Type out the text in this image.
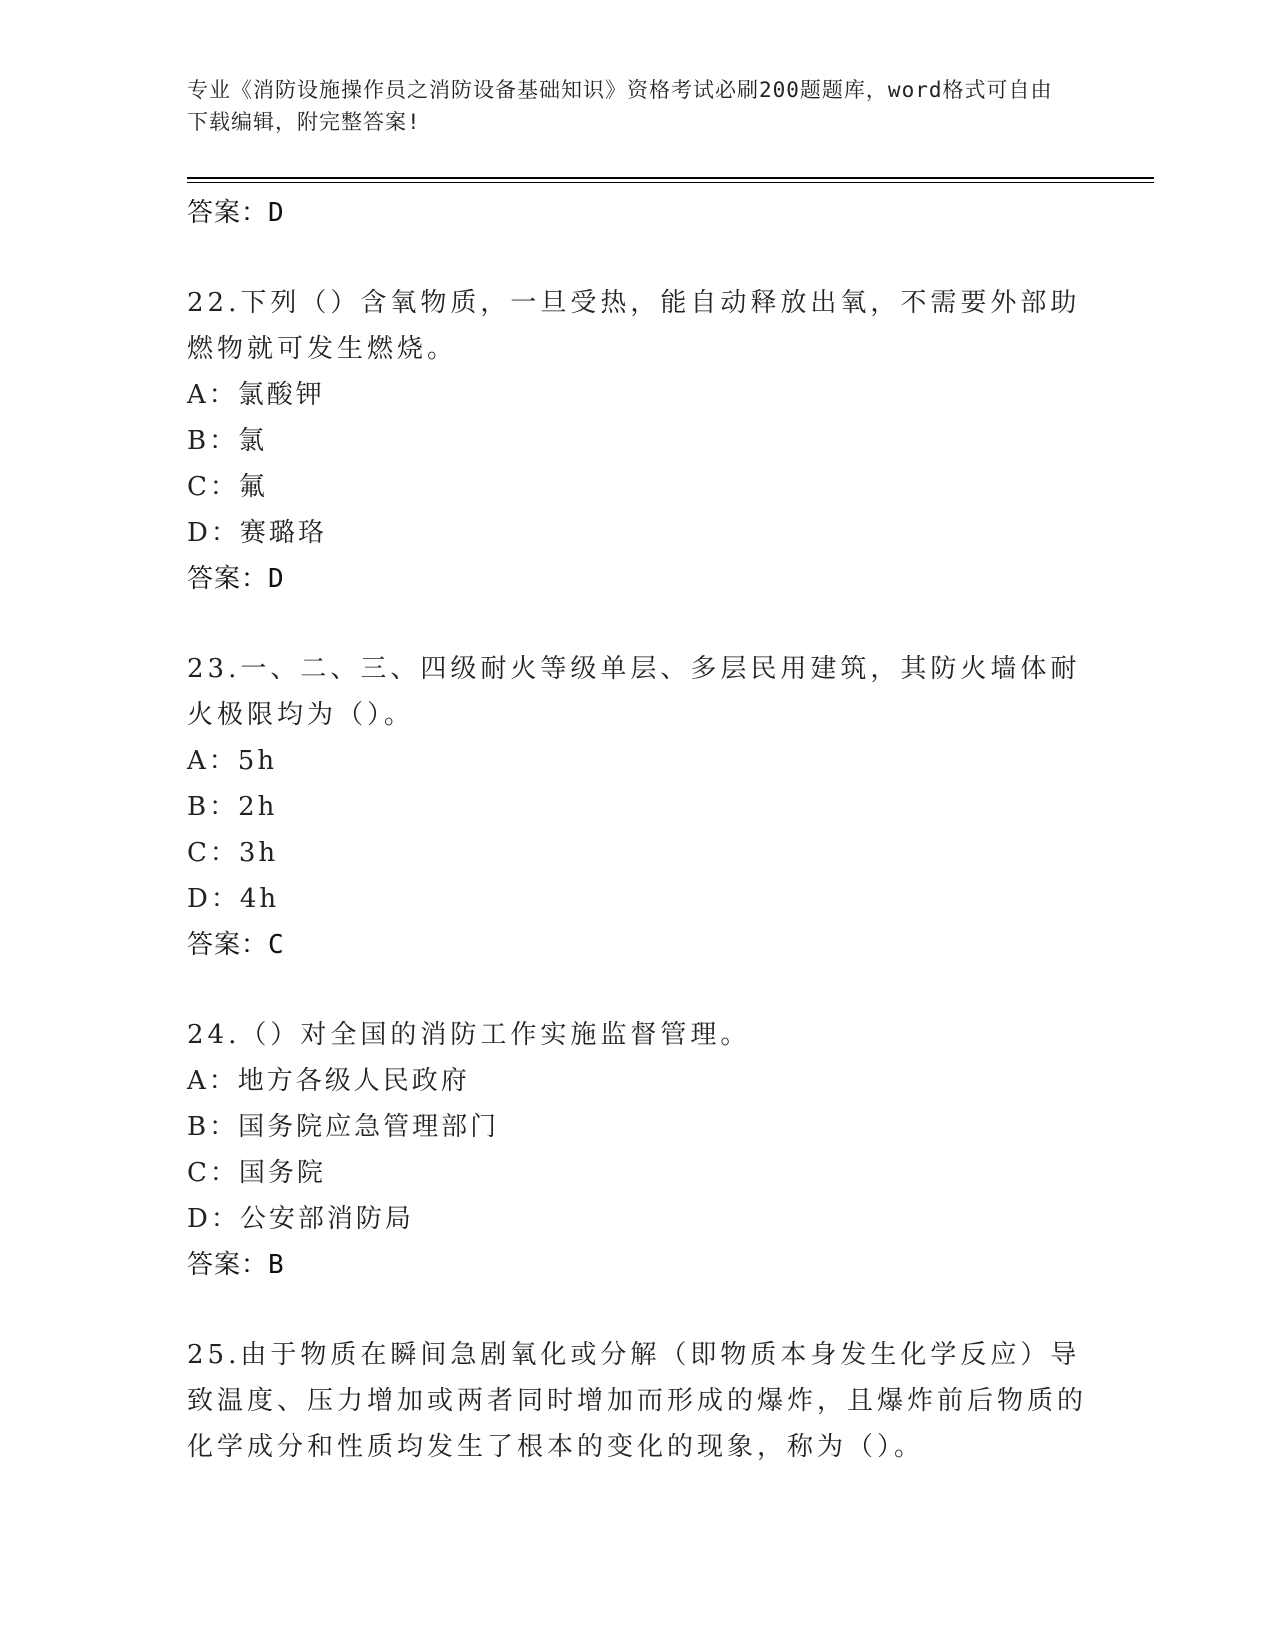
专业《消防设施操作员之消防设备基础知识》资格考试必刷200题题库，word格式可自由下载编辑，附完整答案!

答案：D

22.下列（）含氧物质，一旦受热，能自动释放出氧，不需要外部助燃物就可发生燃烧。

A：氯酸钾

B：氯

C：氟

D：赛璐珞

答案：D

23.一、二、三、四级耐火等级单层、多层民用建筑，其防火墙体耐火极限均为（）。

A：5h

B：2h

C：3h

D：4h

答案：C

24.（）对全国的消防工作实施监督管理。

A：地方各级人民政府

B：国务院应急管理部门

C：国务院

D：公安部消防局

答案：B

25.由于物质在瞬间急剧氧化或分解（即物质本身发生化学反应）导致温度、压力增加或两者同时增加而形成的爆炸，且爆炸前后物质的化学成分和性质均发生了根本的变化的现象，称为（）。
